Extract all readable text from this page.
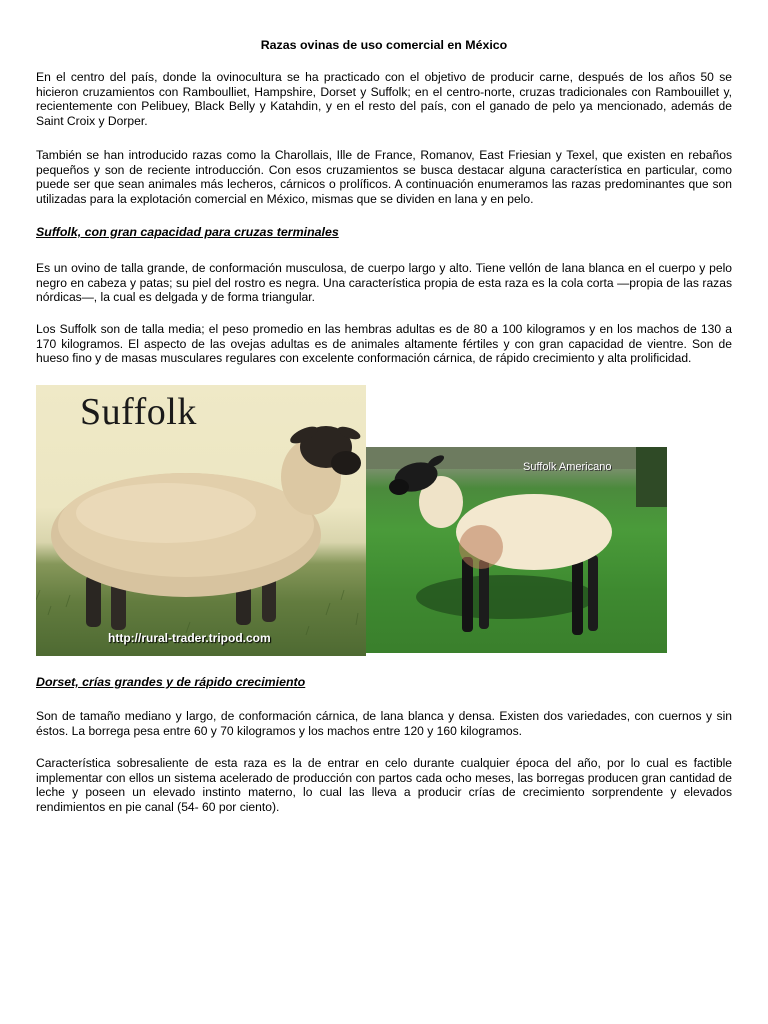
Razas ovinas de uso comercial en México

En el centro del país, donde la ovinocultura se ha practicado con el objetivo de producir carne, después de los años 50 se hicieron cruzamientos con Ramboulliet, Hampshire, Dorset y Suffolk; en el centro-norte, cruzas tradicionales con Rambouillet y, recientemente con Pelibuey, Black Belly y Katahdin, y en el resto del país, con el ganado de pelo ya mencionado, además de Saint Croix y Dorper.

También se han introducido razas como la Charollais, Ille de France, Romanov, East Friesian y Texel, que existen en rebaños pequeños y son de reciente introducción. Con esos cruzamientos se busca destacar alguna característica en particular, como puede ser que sean animales más lecheros, cárnicos o prolíficos. A continuación enumeramos las razas predominantes que son utilizadas para la explotación comercial en México, mismas que se dividen en lana y en pelo.

Suffolk, con gran capacidad para cruzas terminales

Es un ovino de talla grande, de conformación musculosa, de cuerpo largo y alto. Tiene vellón de lana blanca en el cuerpo y pelo negro en cabeza y patas; su piel del rostro es negra. Una característica propia de esta raza es la cola corta —propia de las razas nórdicas—, la cual es delgada y de forma triangular.

Los Suffolk son de talla media; el peso promedio en las hembras adultas es de 80 a 100 kilogramos y en los machos de 130 a 170 kilogramos. El aspecto de las ovejas adultas es de animales altamente fértiles y con gran capacidad de vientre. Son de hueso fino y de masas musculares regulares con excelente conformación cárnica, de rápido crecimiento y alta prolificidad.

Dorset, crías grandes y de rápido crecimiento

Son de tamaño mediano y largo, de conformación cárnica, de lana blanca y densa. Existen dos variedades, con cuernos y sin éstos. La borrega pesa entre 60 y 70 kilogramos y los machos entre 120 y 160 kilogramos.

Característica sobresaliente de esta raza es la de entrar en celo durante cualquier época del año, por lo cual es factible implementar con ellos un sistema acelerado de producción con partos cada ocho meses, las borregas producen gran cantidad de leche y poseen un elevado instinto materno, lo cual las lleva a producir crías de crecimiento sorprendente y elevados rendimientos en pie canal (54- 60 por ciento).

Suffolk
http://rural-trader.tripod.com
Suffolk Americano
